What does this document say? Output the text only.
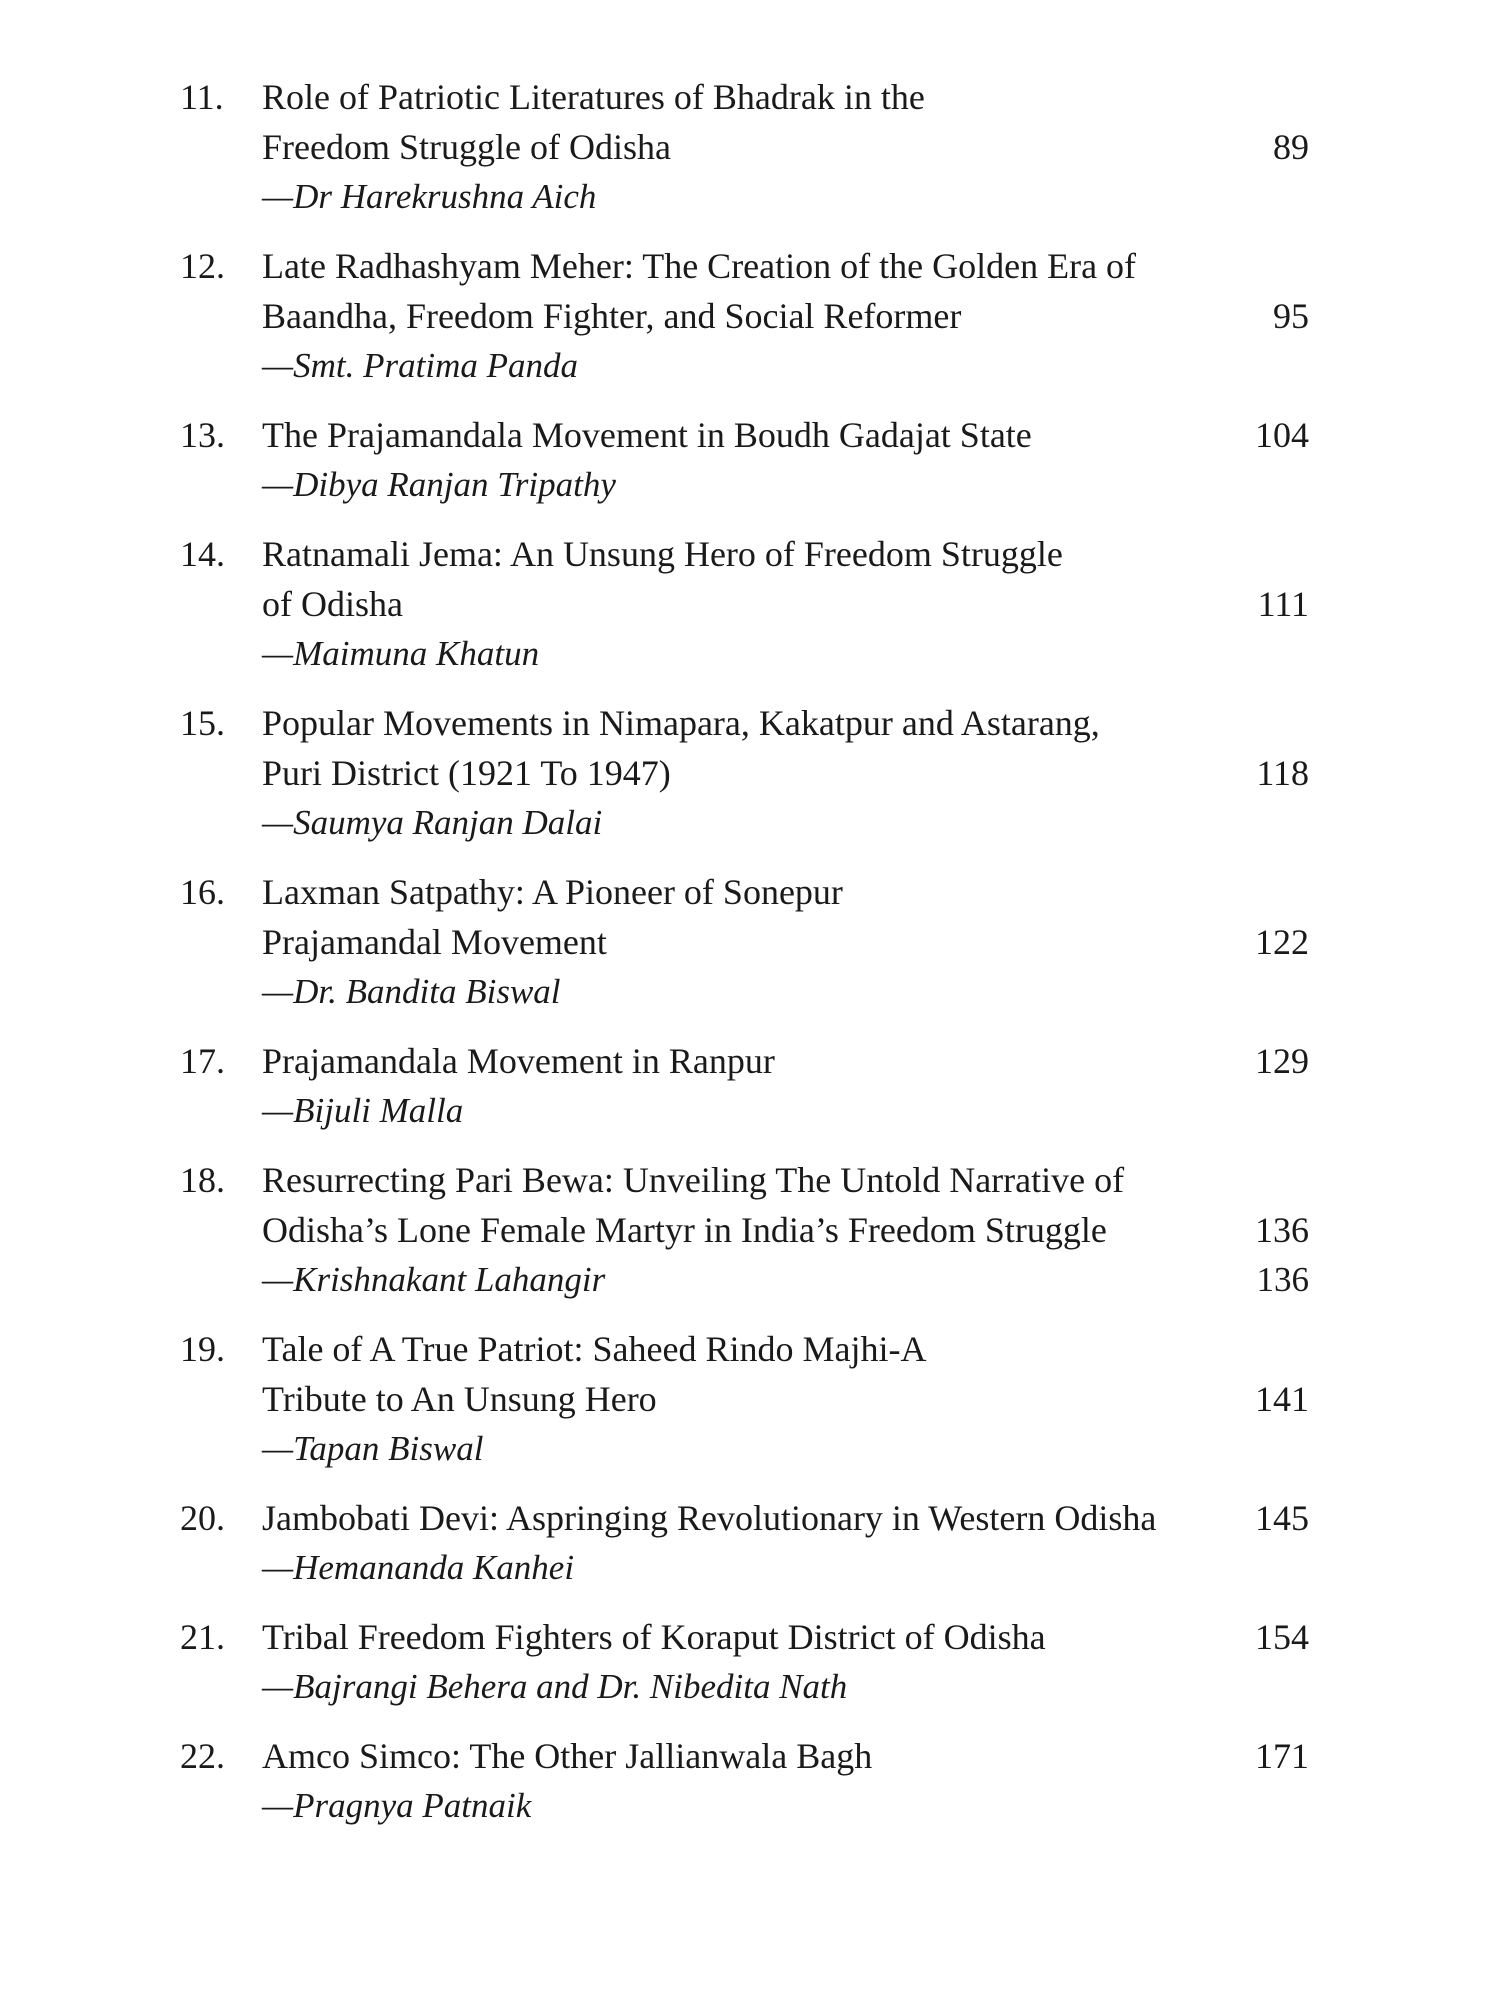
11. Role of Patriotic Literatures of Bhadrak in the
Freedom Struggle of Odisha	89
—Dr Harekrushna Aich
12. Late Radhashyam Meher: The Creation of the Golden Era of
Baandha, Freedom Fighter, and Social Reformer	95
—Smt. Pratima Panda
13. The Prajamandala Movement in Boudh Gadajat State	104
—Dibya Ranjan Tripathy
14. Ratnamali Jema: An Unsung Hero of Freedom Struggle
of Odisha	111
—Maimuna Khatun
15. Popular Movements in Nimapara, Kakatpur and Astarang,
Puri District (1921 To 1947)	118
—Saumya Ranjan Dalai
16. Laxman Satpathy: A Pioneer of Sonepur
Prajamandal Movement	122
—Dr. Bandita Biswal
17. Prajamandala Movement in Ranpur	129
—Bijuli Malla
18. Resurrecting Pari Bewa: Unveiling The Untold Narrative of
Odisha’s Lone Female Martyr in India’s Freedom Struggle	136
—Krishnakant Lahangir	136
19. Tale of A True Patriot: Saheed Rindo Majhi-A
Tribute to An Unsung Hero	141
—Tapan Biswal
20. Jambobati Devi: Aspringing Revolutionary in Western Odisha	145
—Hemananda Kanhei
21. Tribal Freedom Fighters of Koraput District of Odisha	154
—Bajrangi Behera and Dr. Nibedita Nath
22. Amco Simco: The Other Jallianwala Bagh	171
—Pragnya Patnaik
